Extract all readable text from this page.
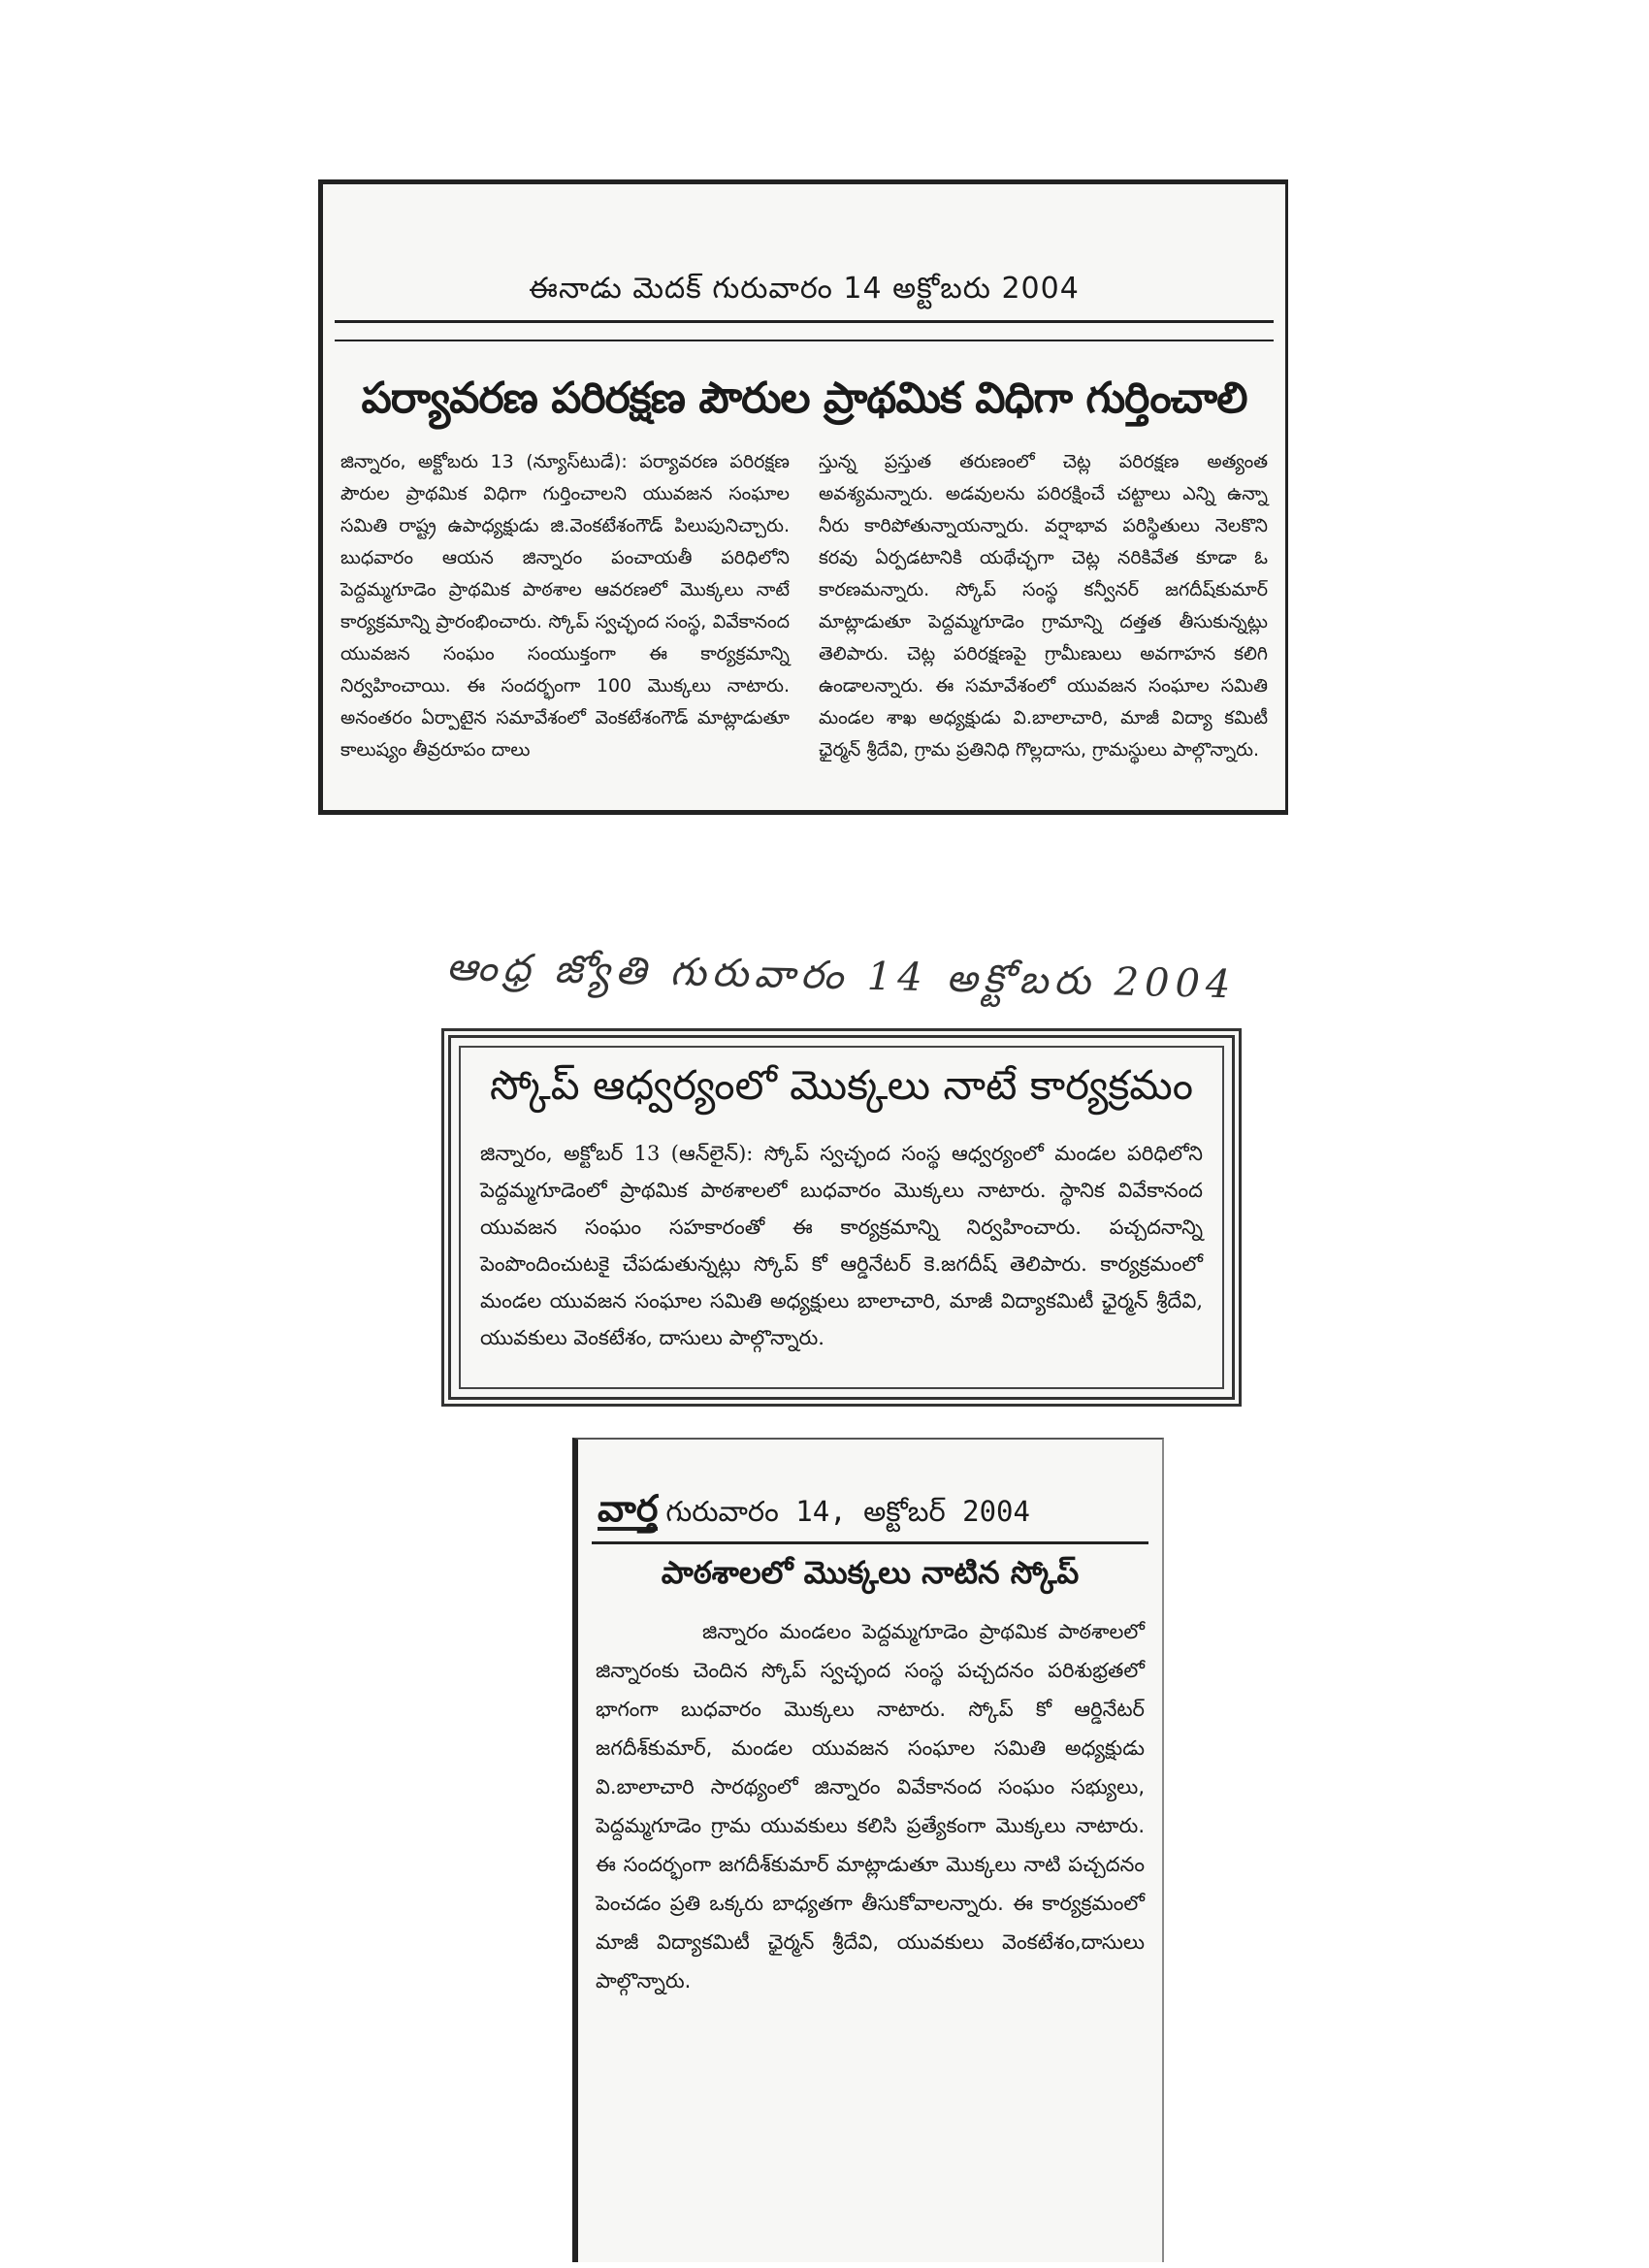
ఈనాడు మెదక్ గురువారం 14 అక్టోబరు 2004
పర్యావరణ పరిరక్షణ పౌరుల ప్రాథమిక విధిగా గుర్తించాలి
జిన్నారం, అక్టోబరు 13 (న్యూస్‌టుడే): పర్యావరణ పరిరక్షణ పౌరుల ప్రాథమిక విధిగా గుర్తించాలని యువజన సంఘాల సమితి రాష్ట్ర ఉపాధ్యక్షుడు జి.వెంకటేశంగౌడ్ పిలుపునిచ్చారు. బుధవారం ఆయన జిన్నారం పంచాయతీ పరిధిలోని పెద్దమ్మగూడెం ప్రాథమిక పాఠశాల ఆవరణలో మొక్కలు నాటే కార్యక్రమాన్ని ప్రారంభించారు. స్కోప్ స్వచ్ఛంద సంస్థ, వివేకానంద యువజన సంఘం సంయుక్తంగా ఈ కార్యక్రమాన్ని నిర్వహించాయి. ఈ సందర్భంగా 100 మొక్కలు నాటారు. అనంతరం ఏర్పాటైన సమావేశంలో వెంకటేశంగౌడ్ మాట్లాడుతూ కాలుష్యం తీవ్రరూపం దాలు
స్తున్న ప్రస్తుత తరుణంలో చెట్ల పరిరక్షణ అత్యంత అవశ్యమన్నారు. అడవులను పరిరక్షించే చట్టాలు ఎన్ని ఉన్నా నీరు కారిపోతున్నాయన్నారు. వర్షాభావ పరిస్థితులు నెలకొని కరవు ఏర్పడటానికి యథేచ్ఛగా చెట్ల నరికివేత కూడా ఓ కారణమన్నారు. స్కోప్ సంస్థ కన్వీనర్ జగదీష్‌కుమార్ మాట్లాడుతూ పెద్దమ్మగూడెం గ్రామాన్ని దత్తత తీసుకున్నట్లు తెలిపారు. చెట్ల పరిరక్షణపై గ్రామీణులు అవగాహన కలిగి ఉండాలన్నారు. ఈ సమావేశంలో యువజన సంఘాల సమితి మండల శాఖ అధ్యక్షుడు వి.బాలాచారి, మాజీ విద్యా కమిటీ ఛైర్మన్ శ్రీదేవి, గ్రామ ప్రతినిధి గొల్లదాసు, గ్రామస్థులు పాల్గొన్నారు.
ఆంధ్ర జ్యోతి గురువారం 14 అక్టోబరు 2004
స్కోప్ ఆధ్వర్యంలో మొక్కలు నాటే కార్యక్రమం
జిన్నారం, అక్టోబర్ 13 (ఆన్‌లైన్): స్కోప్ స్వచ్ఛంద సంస్థ ఆధ్వర్యంలో మండల పరిధిలోని పెద్దమ్మగూడెంలో ప్రాథమిక పాఠశాలలో బుధవారం మొక్కలు నాటారు. స్థానిక వివేకానంద యువజన సంఘం సహకారంతో ఈ కార్యక్రమాన్ని నిర్వహించారు. పచ్చదనాన్ని పెంపొందించుటకై చేపడుతున్నట్లు స్కోప్ కో ఆర్డినేటర్ కె.జగదీష్ తెలిపారు. కార్యక్రమంలో మండల యువజన సంఘాల సమితి అధ్యక్షులు బాలాచారి, మాజీ విద్యాకమిటీ ఛైర్మన్ శ్రీదేవి, యువకులు వెంకటేశం, దాసులు పాల్గొన్నారు.
వార్త గురువారం 14, అక్టోబర్ 2004
పాఠశాలలో మొక్కలు నాటిన స్కోప్
జిన్నారం మండలం పెద్దమ్మగూడెం ప్రాథమిక పాఠశాలలో జిన్నారంకు చెందిన స్కోప్ స్వచ్ఛంద సంస్థ పచ్చదనం పరిశుభ్రతలో భాగంగా బుధవారం మొక్కలు నాటారు. స్కోప్ కో ఆర్డినేటర్ జగదీశ్‌కుమార్, మండల యువజన సంఘాల సమితి అధ్యక్షుడు వి.బాలాచారి సారథ్యంలో జిన్నారం వివేకానంద సంఘం సభ్యులు, పెద్దమ్మగూడెం గ్రామ యువకులు కలిసి ప్రత్యేకంగా మొక్కలు నాటారు. ఈ సందర్భంగా జగదీశ్‌కుమార్ మాట్లాడుతూ మొక్కలు నాటి పచ్చదనం పెంచడం ప్రతి ఒక్కరు బాధ్యతగా తీసుకోవాలన్నారు. ఈ కార్యక్రమంలో మాజీ విద్యాకమిటీ ఛైర్మన్ శ్రీదేవి, యువకులు వెంకటేశం,దాసులు పాల్గొన్నారు.
